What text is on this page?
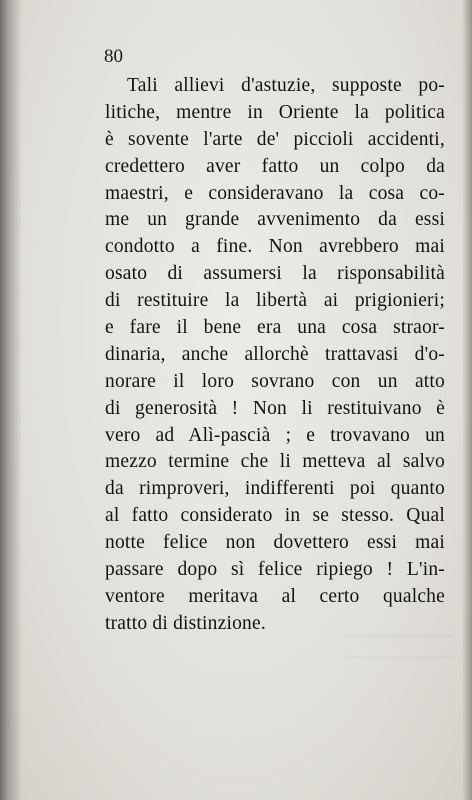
80
Tali allievi d'astuzie, supposte po-
litiche, mentre in Oriente la politica
è sovente l'arte de' piccioli accidenti,
credettero aver fatto un colpo da
maestri, e consideravano la cosa co-
me un grande avvenimento da essi
condotto a fine. Non avrebbero mai
osato di assumersi la risponsabilità
di restituire la libertà ai prigionieri;
e fare il bene era una cosa straor-
dinaria, anche allorchè trattavasi d'o-
norare il loro sovrano con un atto
di generosità ! Non li restituivano è
vero ad Alì-pascià ; e trovavano un
mezzo termine che li metteva al salvo
da rimproveri, indifferenti poi quanto
al fatto considerato in se stesso. Qual
notte felice non dovettero essi mai
passare dopo sì felice ripiego ! L'in-
ventore meritava al certo qualche
tratto di distinzione.
